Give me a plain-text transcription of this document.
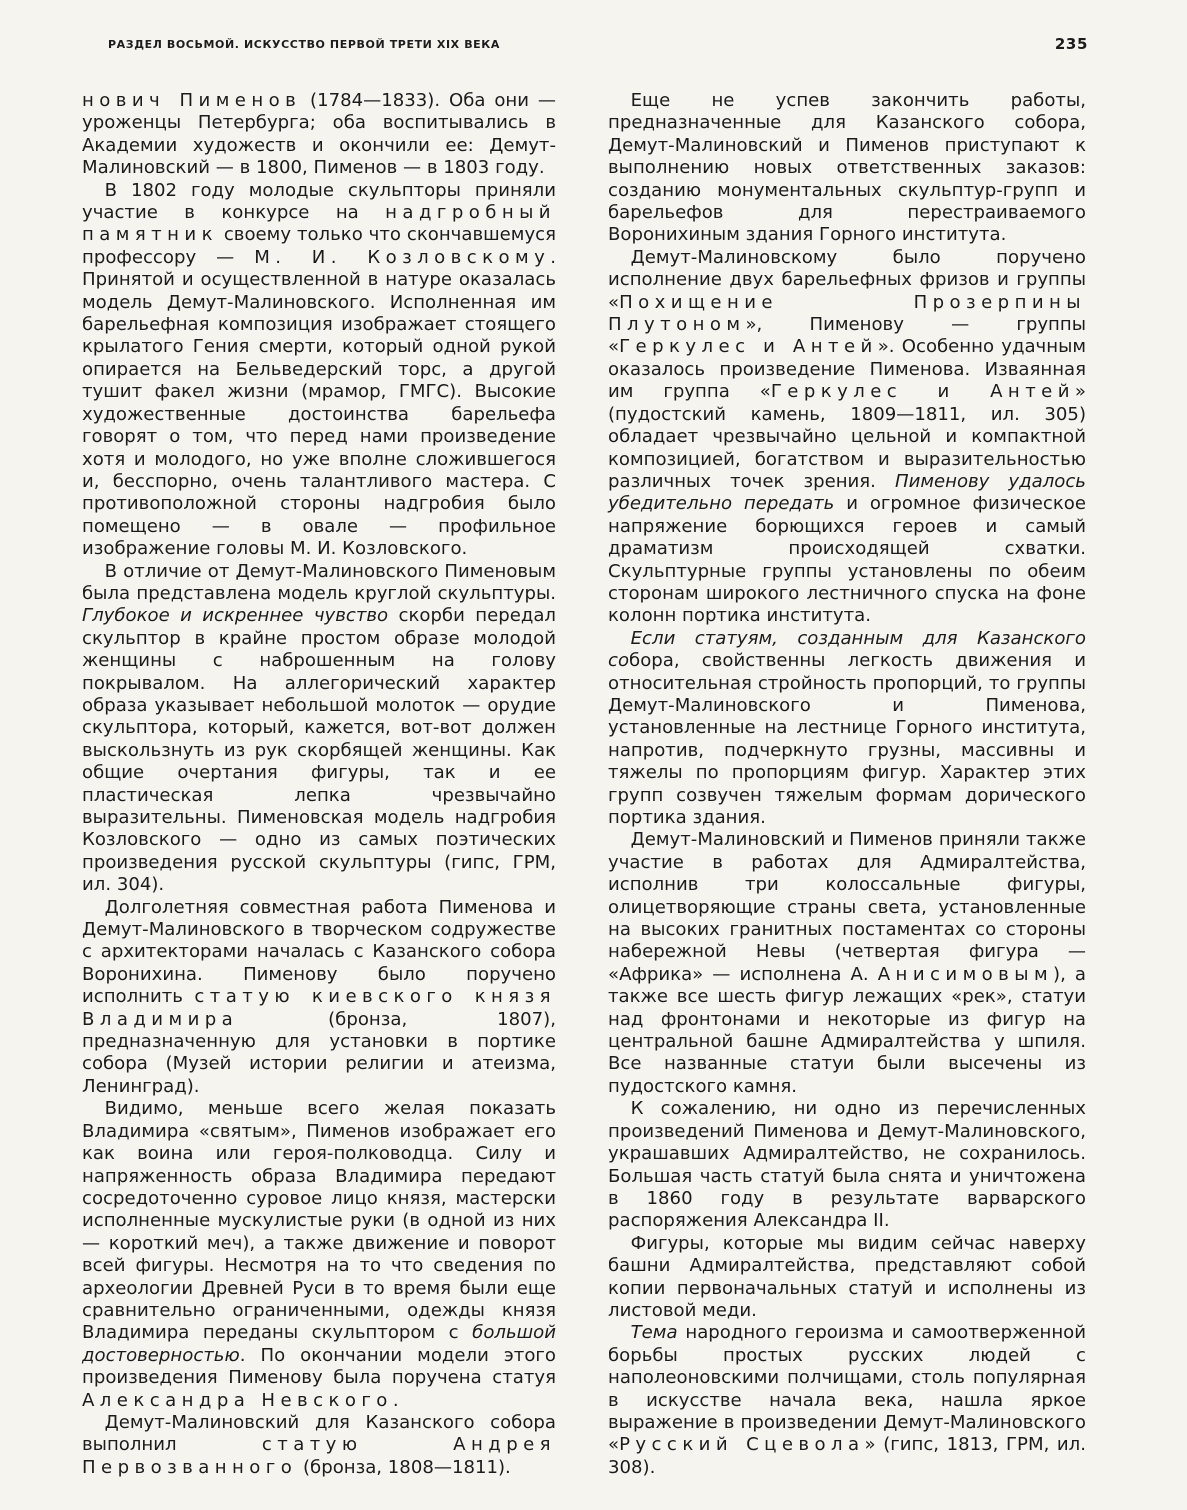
РАЗДЕЛ ВОСЬМОЙ. ИСКУССТВО ПЕРВОЙ ТРЕТИ XIX ВЕКА	235

нович Пименов (1784—1833). Оба они — уроженцы Петербурга; оба воспитывались в Академии художеств и окончили ее: Демут-Малиновский — в 1800, Пименов — в 1803 году.

В 1802 году молодые скульпторы приняли участие в конкурсе на надгробный памятник своему только что скончавшемуся профессору — М. И. Козловскому. Принятой и осуществленной в натуре оказалась модель Демут-Малиновского. Исполненная им барельефная композиция изображает стоящего крылатого Гения смерти, который одной рукой опирается на Бельведерский торс, а другой тушит факел жизни (мрамор, ГМГС). Высокие художественные достоинства барельефа говорят о том, что перед нами произведение хотя и молодого, но уже вполне сложившегося и, бесспорно, очень талантливого мастера. С противоположной стороны надгробия было помещено — в овале — профильное изображение головы М. И. Козловского.

В отличие от Демут-Малиновского Пименовым была представлена модель круглой скульптуры. Глубокое и искреннее чувство скорби передал скульптор в крайне простом образе молодой женщины с наброшенным на голову покрывалом. На аллегорический характер образа указывает небольшой молоток — орудие скульптора, который, кажется, вот-вот должен выскользнуть из рук скорбящей женщины. Как общие очертания фигуры, так и ее пластическая лепка чрезвычайно выразительны. Пименовская модель надгробия Козловского — одно из самых поэтических произведения русской скульптуры (гипс, ГРМ, ил. 304).

Долголетняя совместная работа Пименова и Демут-Малиновского в творческом содружестве с архитекторами началась с Казанского собора Воронихина. Пименову было поручено исполнить статую киевского князя Владимира (бронза, 1807), предназначенную для установки в портике собора (Музей истории религии и атеизма, Ленинград).

Видимо, меньше всего желая показать Владимира «святым», Пименов изображает его как воина или героя-полководца. Силу и напряженность образа Владимира передают сосредоточенно суровое лицо князя, мастерски исполненные мускулистые руки (в одной из них — короткий меч), а также движение и поворот всей фигуры. Несмотря на то что сведения по археологии Древней Руси в то время были еще сравнительно ограниченными, одежды князя Владимира переданы скульптором с большой достоверностью. По окончании модели этого произведения Пименову была поручена статуя Александра Невского.

Демут-Малиновский для Казанского собора выполнил статую Андрея Первозванного (бронза, 1808—1811).

Еще не успев закончить работы, предназначенные для Казанского собора, Демут-Малиновский и Пименов приступают к выполнению новых ответственных заказов: созданию монументальных скульптур-групп и барельефов для перестраиваемого Воронихиным здания Горного института.

Демут-Малиновскому было поручено исполнение двух барельефных фризов и группы «Похищение Прозерпины Плутоном», Пименову — группы «Геркулес и Антей». Особенно удачным оказалось произведение Пименова. Изваянная им группа «Геркулес и Антей» (пудостский камень, 1809—1811, ил. 305) обладает чрезвычайно цельной и компактной композицией, богатством и выразительностью различных точек зрения. Пименову удалось убедительно передать и огромное физическое напряжение борющихся героев и самый драматизм происходящей схватки. Скульптурные группы установлены по обеим сторонам широкого лестничного спуска на фоне колонн портика института.

Если статуям, созданным для Казанского собора, свойственны легкость движения и относительная стройность пропорций, то группы Демут-Малиновского и Пименова, установленные на лестнице Горного института, напротив, подчеркнуто грузны, массивны и тяжелы по пропорциям фигур. Характер этих групп созвучен тяжелым формам дорического портика здания.

Демут-Малиновский и Пименов приняли также участие в работах для Адмиралтейства, исполнив три колоссальные фигуры, олицетворяющие страны света, установленные на высоких гранитных постаментах со стороны набережной Невы (четвертая фигура — «Африка» — исполнена А. Анисимовым), а также все шесть фигур лежащих «рек», статуи над фронтонами и некоторые из фигур на центральной башне Адмиралтейства у шпиля. Все названные статуи были высечены из пудостского камня.

К сожалению, ни одно из перечисленных произведений Пименова и Демут-Малиновского, украшавших Адмиралтейство, не сохранилось. Большая часть статуй была снята и уничтожена в 1860 году в результате варварского распоряжения Александра II.

Фигуры, которые мы видим сейчас наверху башни Адмиралтейства, представляют собой копии первоначальных статуй и исполнены из листовой меди.

Тема народного героизма и самоотверженной борьбы простых русских людей с наполеоновскими полчищами, столь популярная в искусстве начала века, нашла яркое выражение в произведении Демут-Малиновского «Русский Сцевола» (гипс, 1813, ГРМ, ил. 308).
